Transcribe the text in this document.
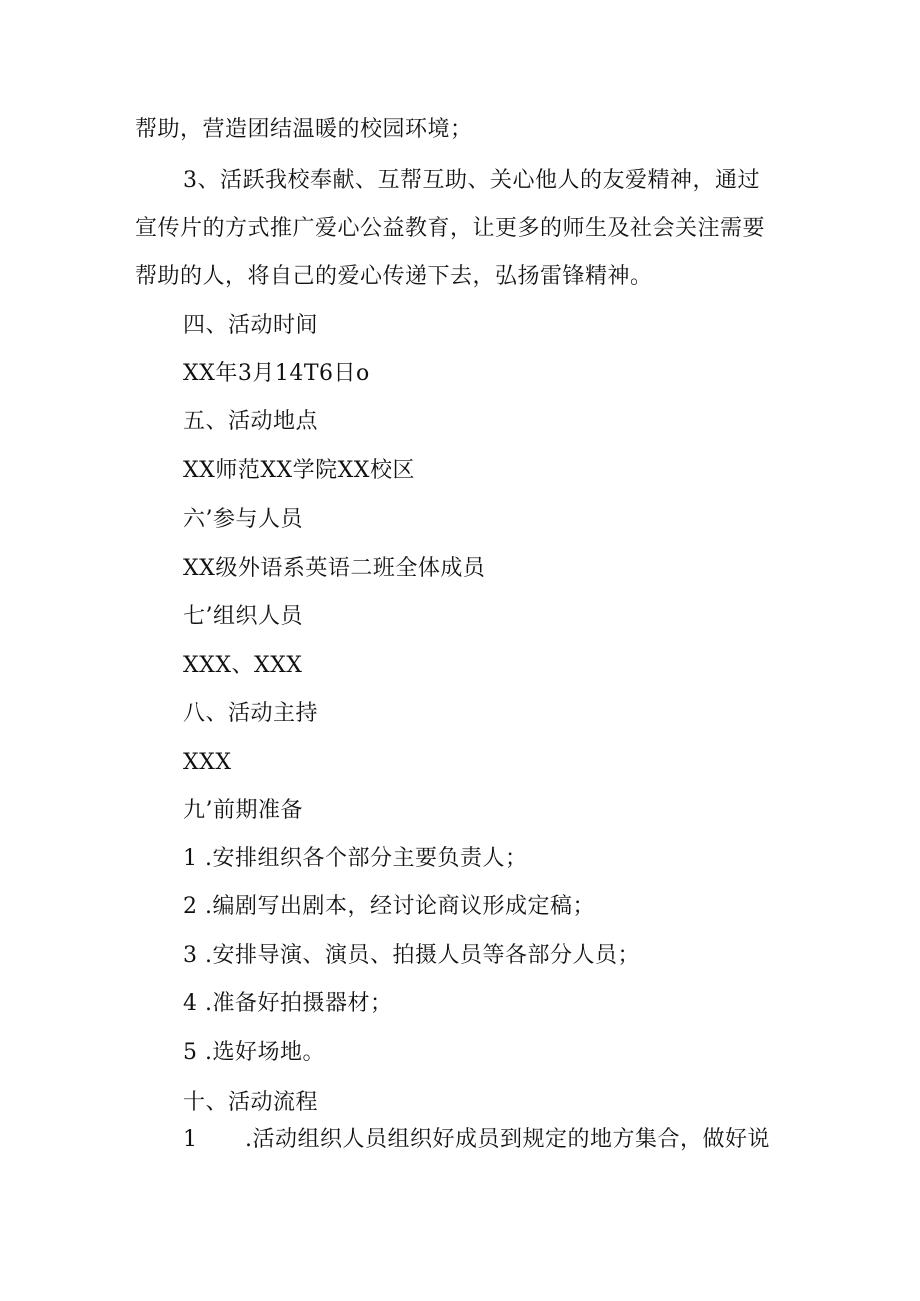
帮助，营造团结温暖的校园环境；
3、活跃我校奉献、互帮互助、关心他人的友爱精神，通过
宣传片的方式推广爱心公益教育，让更多的师生及社会关注需要
帮助的人，将自己的爱心传递下去，弘扬雷锋精神。
四、活动时间
XX年3月14T6日o
五、活动地点
XX师范XX学院XX校区
六’参与人员
XX级外语系英语二班全体成员
七’组织人员
XXX、XXX
八、活动主持
XXX
九’前期准备
1 .安排组织各个部分主要负责人；
2 .编剧写出剧本，经讨论商议形成定稿；
3 .安排导演、演员、拍摄人员等各部分人员；
4 .准备好拍摄器材；
5 .选好场地。
十、活动流程
1 .活动组织人员组织好成员到规定的地方集合，做好说
